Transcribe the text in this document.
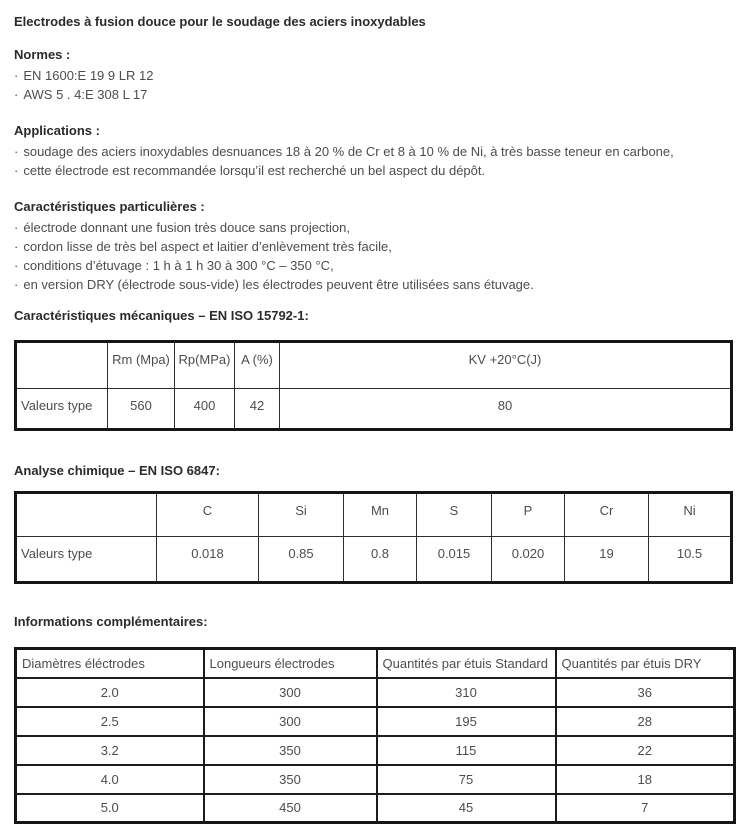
Electrodes à fusion douce pour le soudage des aciers inoxydables
Normes :
· EN 1600:E 19 9 LR 12
· AWS 5 . 4:E 308 L 17
Applications :
· soudage des aciers inoxydables desnuances 18 à 20 % de Cr et 8 à 10 % de Ni, à très basse teneur en carbone,
· cette électrode est recommandée lorsqu’il est recherché un bel aspect du dépôt.
Caractéristiques particulières :
· électrode donnant une fusion très douce sans projection,
· cordon lisse de très bel aspect et laitier d’enlèvement très facile,
· conditions d’étuvage : 1 h à 1 h 30 à 300 °C – 350 °C,
· en version DRY (électrode sous-vide) les électrodes peuvent être utilisées sans étuvage.
Caractéristiques mécaniques – EN ISO 15792-1:
	Rm (Mpa)	Rp(MPa)	A (%)	KV +20°C(J)
Valeurs type	560	400	42	80
Analyse chimique – EN ISO 6847:
	C	Si	Mn	S	P	Cr	Ni
Valeurs type	0.018	0.85	0.8	0.015	0.020	19	10.5
Informations complémentaires:
Diamètres éléctrodes	Longueurs électrodes	Quantités par étuis Standard	Quantités par étuis DRY
2.0	300	310	36
2.5	300	195	28
3.2	350	115	22
4.0	350	75	18
5.0	450	45	7
